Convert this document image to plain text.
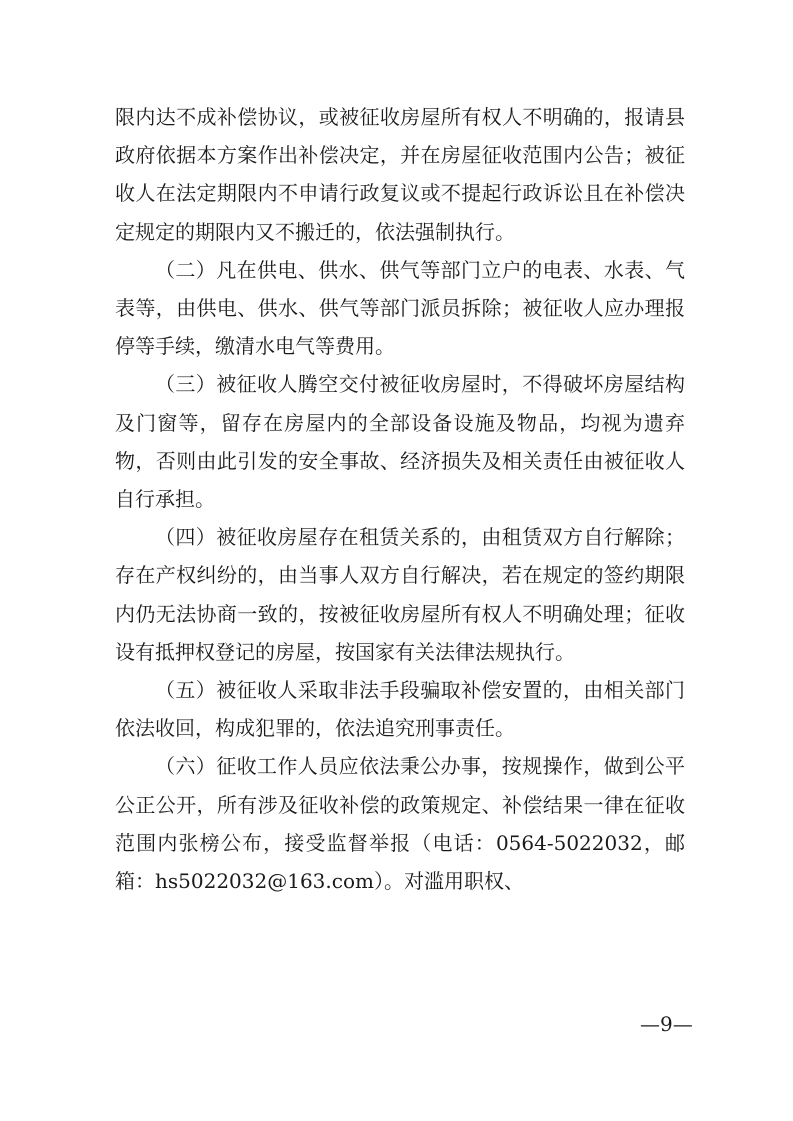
限内达不成补偿协议，或被征收房屋所有权人不明确的，报请县政府依据本方案作出补偿决定，并在房屋征收范围内公告；被征收人在法定期限内不申请行政复议或不提起行政诉讼且在补偿决定规定的期限内又不搬迁的，依法强制执行。

（二）凡在供电、供水、供气等部门立户的电表、水表、气表等，由供电、供水、供气等部门派员拆除；被征收人应办理报停等手续，缴清水电气等费用。

（三）被征收人腾空交付被征收房屋时，不得破坏房屋结构及门窗等，留存在房屋内的全部设备设施及物品，均视为遗弃物，否则由此引发的安全事故、经济损失及相关责任由被征收人自行承担。

（四）被征收房屋存在租赁关系的，由租赁双方自行解除；存在产权纠纷的，由当事人双方自行解决，若在规定的签约期限内仍无法协商一致的，按被征收房屋所有权人不明确处理；征收设有抵押权登记的房屋，按国家有关法律法规执行。

（五）被征收人采取非法手段骗取补偿安置的，由相关部门依法收回，构成犯罪的，依法追究刑事责任。

（六）征收工作人员应依法秉公办事，按规操作，做到公平公正公开，所有涉及征收补偿的政策规定、补偿结果一律在征收范围内张榜公布，接受监督举报（电话：0564-5022032，邮箱：hs5022032@163.com）。对滥用职权、

—9—
